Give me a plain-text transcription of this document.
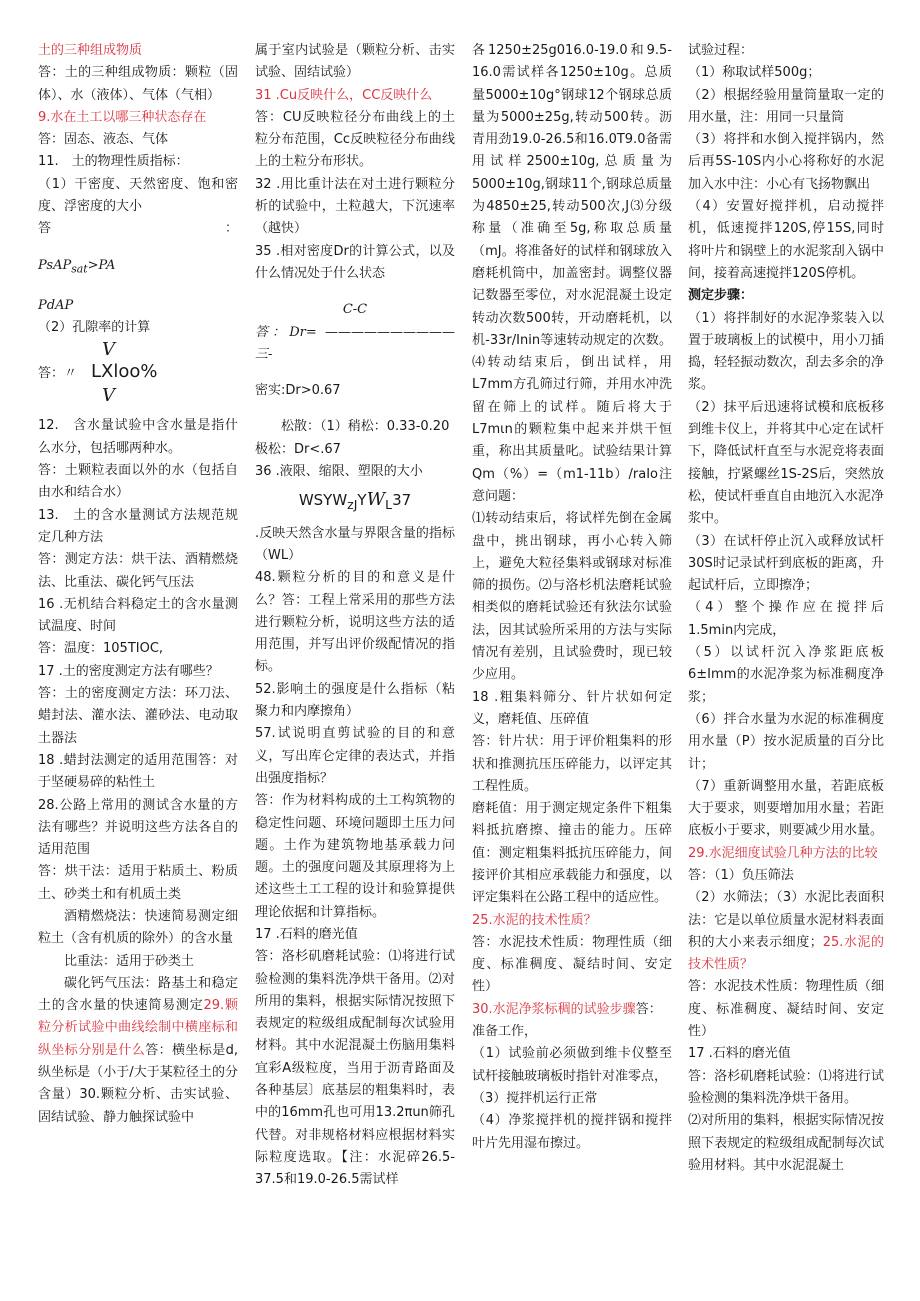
土的三种组成物质

答：土的三种组成物质：颗粒（固体）、水（液体）、气体（气相）

9.水在土工以哪三种状态存在

答：固态、液态、气体

11.　土的物理性质指标：

（1）干密度、天然密度、饱和密度、浮密度的大小

答	：

PsAP$_{sat}$>PA

PdAP

（2）孔隙率的计算

V

答：〃 LXloo%

V

12.　含水量试验中含水量是指什么水分，包括哪两种水。

答：土颗粒表面以外的水（包括自由水和结合水）

13.　土的含水量测试方法规范规定几种方法

答：测定方法：烘干法、酒精燃烧法、比重法、碳化钙气压法

16 .无机结合料稳定土的含水量测试温度、时间

答：温度：105TIOC,

17 .土的密度测定方法有哪些？

答：土的密度测定方法：环刀法、蜡封法、灌水法、灌砂法、电动取土器法

18 .蜡封法测定的适用范围答：对于坚硬易碎的粘性土

28.公路上常用的测试含水量的方法有哪些？并说明这些方法各自的适用范围

答：烘干法：适用于粘质土、粉质土、砂类土和有机质土类

酒精燃烧法：快速简易测定细粒土（含有机质的除外）的含水量

比重法：适用于砂类土

碳化钙气压法：路基土和稳定土的含水量的快速简易测定29.颗粒分析试验中曲线绘制中横座标和纵坐标分别是什么答：横坐标是d,纵坐标是（小于/大于某粒径土的分含量）30.颗粒分析、击实试验、固结试验、静力触探试验中

属于室内试验是（颗粒分析、击实试验、固结试验）

31 .Cu反映什么，CC反映什么

答：CU反映粒径分布曲线上的土粒分布范围，Cc反映粒径分布曲线上的土粒分布形状。

32 .用比重计法在对土进行颗粒分析的试验中，土粒越大，下沉速率（越快）

35 .相对密度Dr的计算公式，以及什么情况处于什么状态

C-C

答：Dr= ——————————三-

密实:Dr>0.67

松散：（1）稍松：0.33-0.20

极松：Dr<.67

36 .液限、缩限、塑限的大小

$WSYW_{zJ}YW_L37$

.反映天然含水量与界限含量的指标（WL）

48.颗粒分析的目的和意义是什么？答：工程上常采用的那些方法进行颗粒分析，说明这些方法的适用范围，并写出评价级配情况的指标。

52.影响土的强度是什么指标（粘聚力和内摩擦角）

57.试说明直剪试验的目的和意义，写出库仑定律的表达式，并指出强度指标？

答：作为材料构成的土工构筑物的稳定性问题、环境问题即土压力问题。土作为建筑物地基承载力问题。土的强度问题及其原理将为上述这些土工工程的设计和验算提供理论依据和计算指标。

17 .石料的磨光值

答：洛杉矶磨耗试验：⑴将进行试验检测的集料洗净烘干备用。⑵对所用的集料，根据实际情况按照下表规定的粒级组成配制每次试验用材料。其中水泥混凝土伤脑用集料宜彩A级粒度，当用于沥青路面及各种基层〕底基层的粗集料时，表中的16mm孔也可用13.2πun筛孔代替。对非规格材料应根据材料实际粒度选取。【注：水泥碎26.5-37.5和19.0-26.5需试样

各1250±25g016.0-19.0和9.5-16.0需试样各1250±10g。总质量5000±10g°钢球12个钢球总质量为5000±25g,转动500转。沥青用劲19.0-26.5和16.0T9.0备需用试样2500±10g,总质量为5000±10g,钢球11个,钢球总质量为4850±25,转动500次,J⑶分级称量（准确至5g,称取总质量（mJ。将准备好的试样和钢球放入磨耗机筒中，加盖密封。调整仪器记数器至零位，对水泥混凝土设定转动次数500转，开动磨耗机，以机-33r/Inin等速转动规定的次数。⑷转动结束后，倒出试样，用L7mm方孔筛过行筛，并用水冲洗留在筛上的试样。随后将大于L7mιn的颗粒集中起来并烘干恒重，称出其质量叱。试验结果计算Qm（%）=（m1-11b）/raIo注意问题：

⑴转动结束后，将试样先倒在金属盘中，挑出钢球，再小心转入筛上，避免大粒径集料或钢球对标准筛的损伤。⑵与洛杉机法磨耗试验相类似的磨耗试验还有狄法尔试验法，因其试验所采用的方法与实际情况有差别，且试验费时，现已较少应用。

18 .粗集料筛分、针片状如何定义，磨耗值、压碎值

答：针片状：用于评价粗集料的形状和推测抗压压碎能力，以评定其工程性质。

磨耗值：用于测定规定条件下粗集料抵抗磨擦、撞击的能力。压碎值：测定粗集料抵抗压碎能力，间接评价其相应承载能力和强度，以评定集料在公路工程中的适应性。

25.水泥的技术性质？

答：水泥技术性质：物理性质（细度、标准稠度、凝结时间、安定性）

30.水泥净浆标稠的试验步骤答：

准备工作，

（1）试验前必须做到维卡仪整至试杆接触玻璃板时指针对准零点，

（3）搅拌机运行正常

（4）净浆搅拌机的搅拌锅和搅拌叶片先用湿布擦过。

试验过程：

（1）称取试样500g；

（2）根据经验用量筒量取一定的用水量，注：用同一只量筒

（3）将拌和水倒入搅拌锅内，然后再5S-10S内小心将称好的水泥加入水中注：小心有飞扬物飘出

（4）安置好搅拌机，启动搅拌机，低速搅拌120S,停15S,同时将叶片和锅壁上的水泥浆刮入锅中间，接着高速搅拌120S停机。

测定步骤：

（1）将拌制好的水泥净浆装入以置于玻璃板上的试模中，用小刀插捣，轻轻振动数次，刮去多余的净浆。

（2）抹平后迅速将试模和底板移到维卡仪上，并将其中心定在试杆下，降低试杆直至与水泥竞将表面接触，拧紧螺丝1S-2S后，突然放松，使试杆垂直自由地沉入水泥净浆中。

（3）在试杆停止沉入或释放试杆30S时记录试杆到底板的距离，升起试杆后，立即擦净；

（4）整个操作应在搅拌后1.5min内完成，

（5）以试杆沉入净浆距底板6±Imm的水泥净浆为标准稠度净浆；

（6）拌合水量为水泥的标准稠度用水量（P）按水泥质量的百分比计；

（7）重新调整用水量，若距底板大于要求，则要增加用水量；若距底板小于要求，则要减少用水量。

29.水泥细度试验几种方法的比较

答：（1）负压筛法

（2）水筛法；（3）水泥比表面积法：它是以单位质量水泥材料表面积的大小来表示细度；25.水泥的技术性质？

答：水泥技术性质：物理性质（细度、标准稠度、凝结时间、安定性）

17 .石料的磨光值

答：洛杉矶磨耗试验：⑴将进行试验检测的集料洗净烘干备用。

⑵对所用的集料，根据实际情况按照下表规定的粒级组成配制每次试验用材料。其中水泥混凝土
